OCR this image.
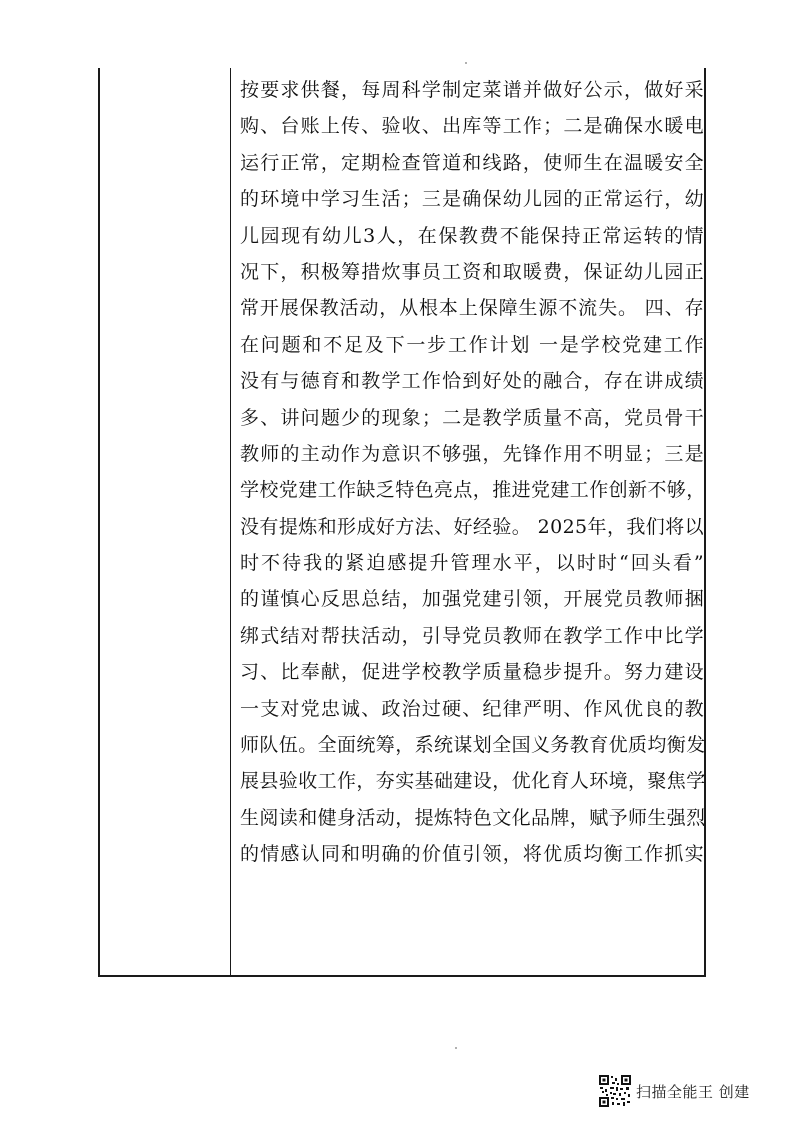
按要求供餐，每周科学制定菜谱并做好公示，做好采
购、台账上传、验收、出库等工作；二是确保水暖电
运行正常，定期检查管道和线路，使师生在温暖安全
的环境中学习生活；三是确保幼儿园的正常运行，幼
儿园现有幼儿3人，在保教费不能保持正常运转的情
况下，积极筹措炊事员工资和取暖费，保证幼儿园正
常开展保教活动，从根本上保障生源不流失。 四、存
在问题和不足及下一步工作计划 一是学校党建工作
没有与德育和教学工作恰到好处的融合，存在讲成绩
多、讲问题少的现象；二是教学质量不高，党员骨干
教师的主动作为意识不够强，先锋作用不明显；三是
学校党建工作缺乏特色亮点，推进党建工作创新不够，
没有提炼和形成好方法、好经验。 2025年，我们将以
时不待我的紧迫感提升管理水平，以时时“回头看”
的谨慎心反思总结，加强党建引领，开展党员教师捆
绑式结对帮扶活动，引导党员教师在教学工作中比学
习、比奉献，促进学校教学质量稳步提升。努力建设
一支对党忠诚、政治过硬、纪律严明、作风优良的教
师队伍。全面统筹，系统谋划全国义务教育优质均衡发
展县验收工作，夯实基础建设，优化育人环境，聚焦学
生阅读和健身活动，提炼特色文化品牌，赋予师生强烈
的情感认同和明确的价值引领，将优质均衡工作抓实
扫描全能王 创建
